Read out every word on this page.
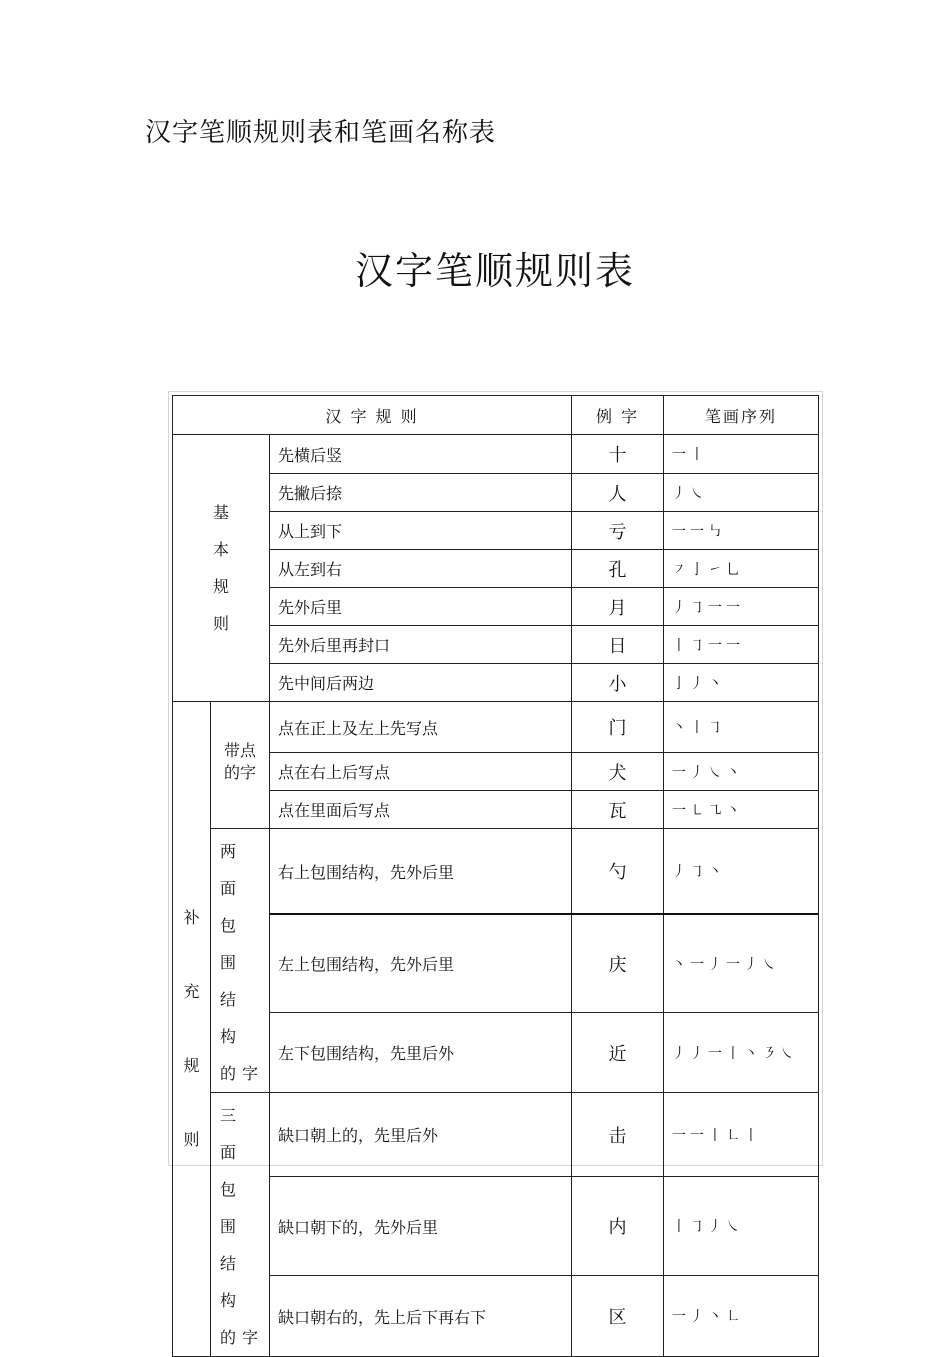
汉字笔顺规则表和笔画名称表
汉字笔顺规则表
汉 字 规 则			例 字	笔画序列
基
本
规
则		先横后竖	十	一丨
		先撇后捺	人	丿㇏
		从上到下	亏	一一㇉
		从左到右	孔	㇇亅㇀乚
		先外后里	月	丿㇆一一
		先外后里再封口	日	丨㇆一一
		先中间后两边	小	亅丿丶
补
充
规
则	带点的字	点在正上及左上先写点	门	丶丨㇆
		点在右上后写点	犬	一丿㇏丶
		点在里面后写点	瓦	一㇄㇈丶
	两 面
包 围
结 构
的字	右上包围结构，先外后里	勺	丿㇆丶
		左上包围结构，先外后里	庆	丶一丿一丿㇏
		左下包围结构，先里后外	近	丿丿一丨丶㇋㇏
	三 面
包 围
结 构
的字	缺口朝上的，先里后外	击	一一丨㇗丨
		缺口朝下的，先外后里	内	丨㇆丿㇏
		缺口朝右的，先上后下再右下	区	一丿丶㇗
